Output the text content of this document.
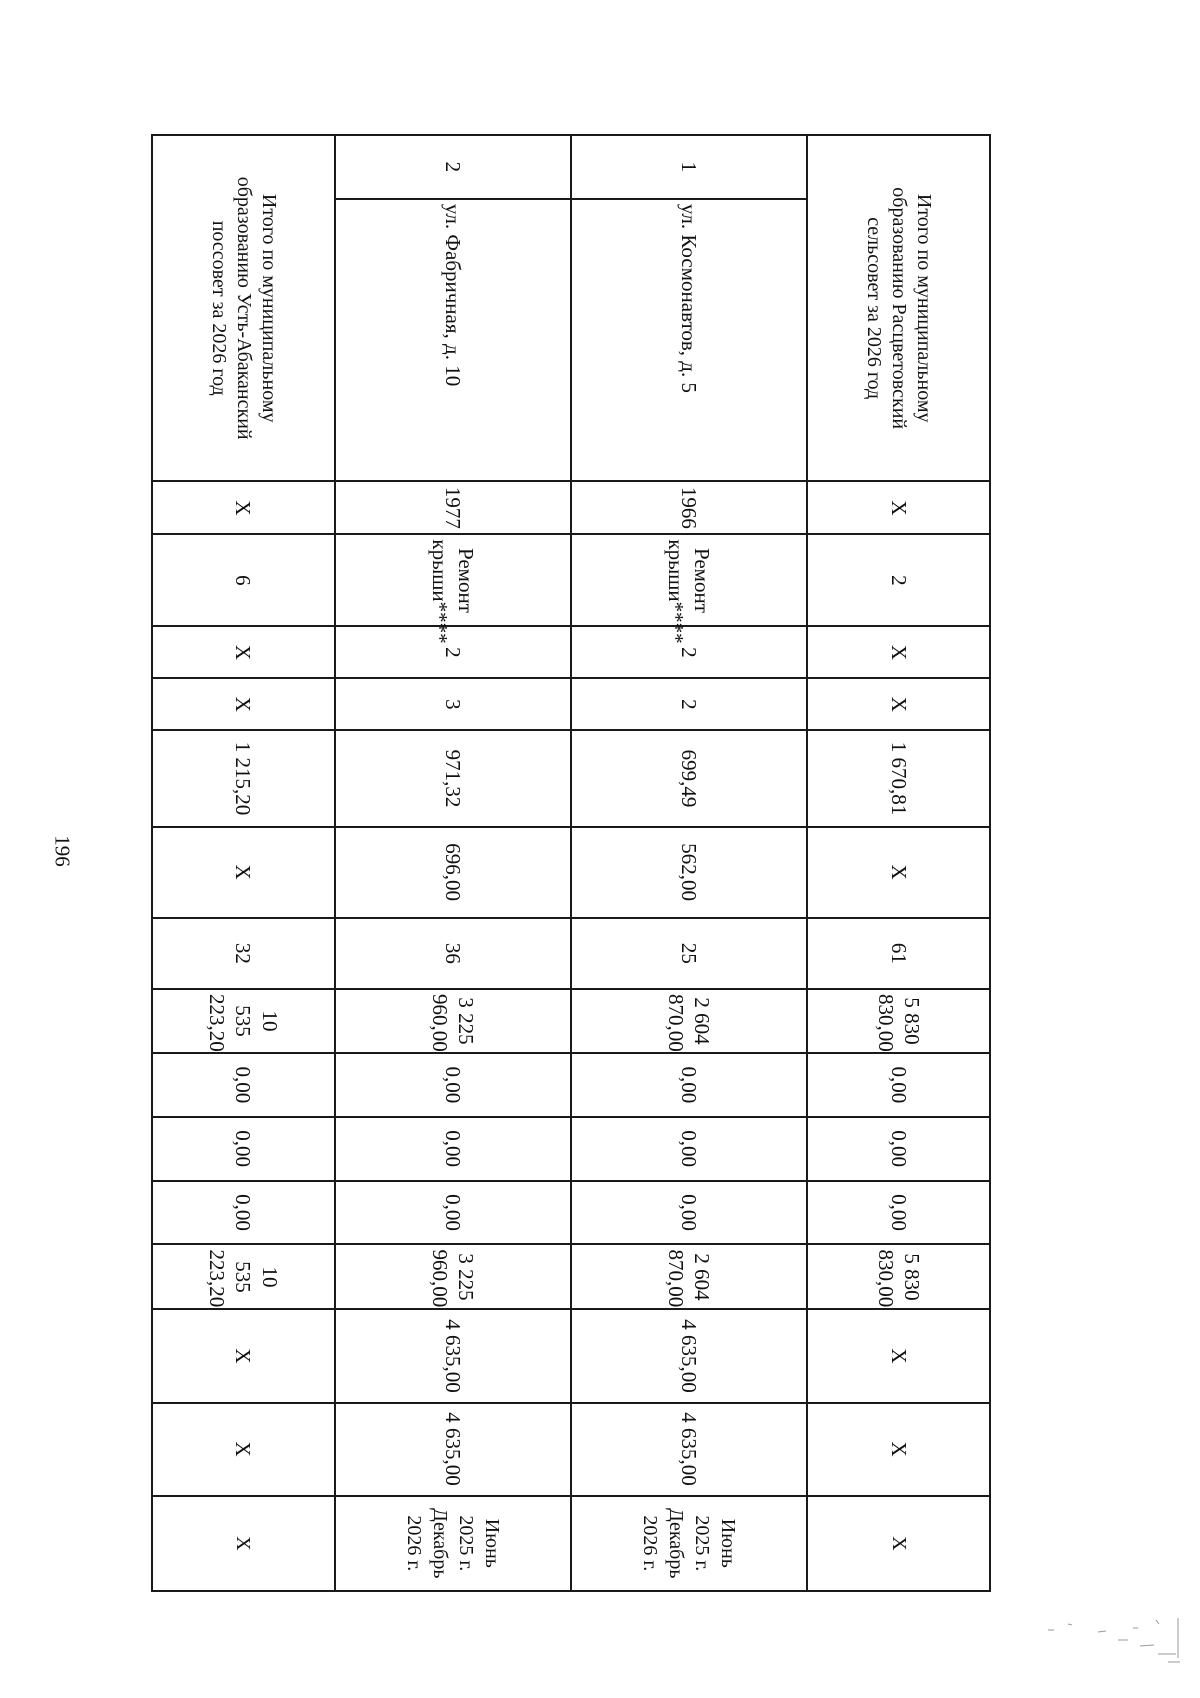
196
Итого по муниципальному образованию Расцветовский сельсовет за 2026 год		X	2	X	X	1 670,81	X	61	5 830 830,00	0,00	0,00	0,00	5 830 830,00	X	X	X

1	ул. Космонавтов, д. 5	1966	Ремонт крыши****	2	2	699,49	562,00	25	2 604 870,00	0,00	0,00	0,00	2 604 870,00	4 635,00	4 635,00	Июнь 2025 г.
Декабрь 2026 г.

2	ул. Фабричная, д. 10	1977	Ремонт крыши****	2	3	971,32	696,00	36	3 225 960,00	0,00	0,00	0,00	3 225 960,00	4 635,00	4 635,00	Июнь 2025 г.
Декабрь 2026 г.

Итого по муниципальному образованию Усть-Абаканский поссовет за 2026 год		X	6	X	X	1 215,20	X	32	10 535 223,20	0,00	0,00	0,00	10 535 223,20	X	X	X
